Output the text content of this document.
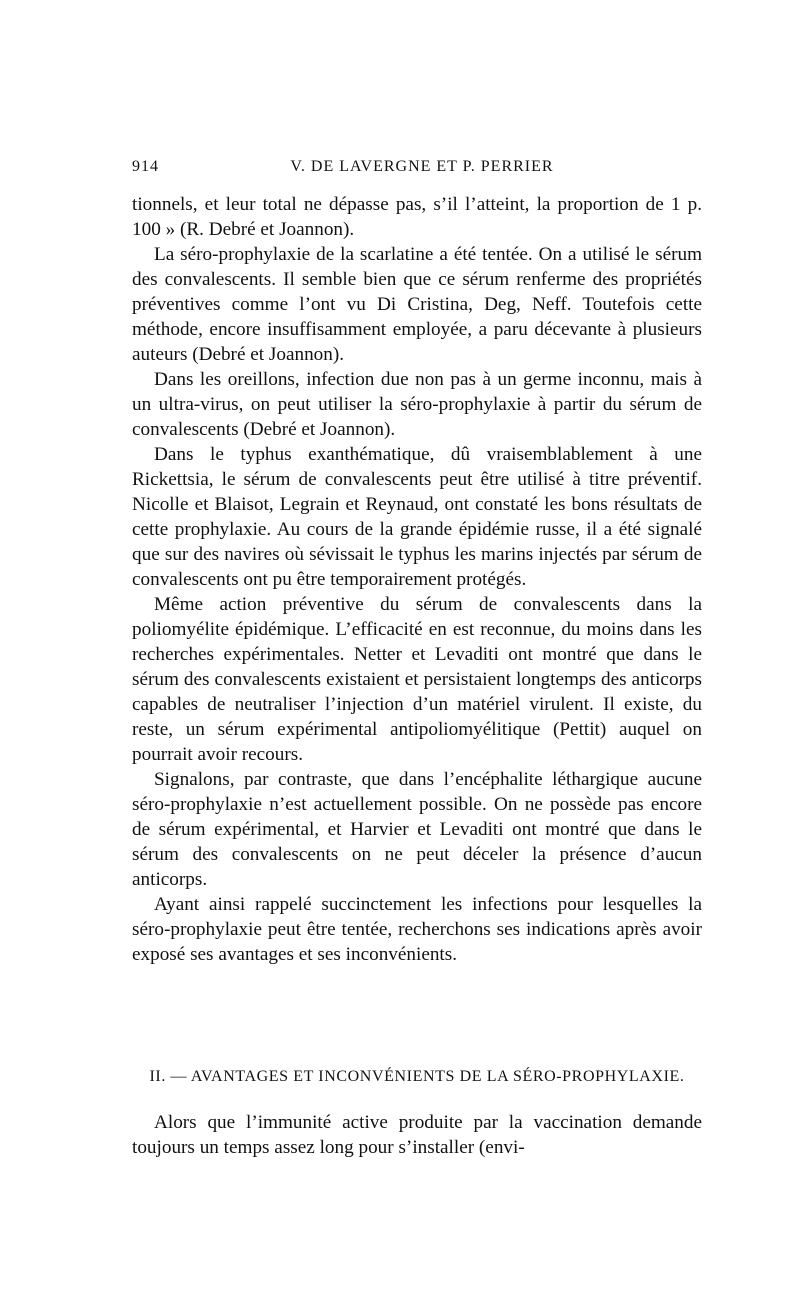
914	V. DE LAVERGNE ET P. PERRIER

tionnels, et leur total ne dépasse pas, s’il l’atteint, la proportion de 1 p. 100 » (R. Debré et Joannon).

La séro-prophylaxie de la scarlatine a été tentée. On a utilisé le sérum des convalescents. Il semble bien que ce sérum renferme des propriétés préventives comme l’ont vu Di Cristina, Deg, Neff. Toutefois cette méthode, encore insuffisamment employée, a paru décevante à plusieurs auteurs (Debré et Joannon).

Dans les oreillons, infection due non pas à un germe inconnu, mais à un ultra-virus, on peut utiliser la séro-prophylaxie à partir du sérum de convalescents (Debré et Joannon).

Dans le typhus exanthématique, dû vraisemblablement à une Rickettsia, le sérum de convalescents peut être utilisé à titre préventif. Nicolle et Blaisot, Legrain et Reynaud, ont constaté les bons résultats de cette prophylaxie. Au cours de la grande épidémie russe, il a été signalé que sur des navires où sévissait le typhus les marins injectés par sérum de convalescents ont pu être temporairement protégés.

Même action préventive du sérum de convalescents dans la poliomyélite épidémique. L’efficacité en est reconnue, du moins dans les recherches expérimentales. Netter et Levaditi ont montré que dans le sérum des convalescents existaient et persistaient longtemps des anticorps capables de neutraliser l’injection d’un matériel virulent. Il existe, du reste, un sérum expérimental antipoliomyélitique (Pettit) auquel on pourrait avoir recours.

Signalons, par contraste, que dans l’encéphalite léthargique aucune séro-prophylaxie n’est actuellement possible. On ne possède pas encore de sérum expérimental, et Harvier et Levaditi ont montré que dans le sérum des convalescents on ne peut déceler la présence d’aucun anticorps.

Ayant ainsi rappelé succinctement les infections pour lesquelles la séro-prophylaxie peut être tentée, recherchons ses indications après avoir exposé ses avantages et ses inconvénients.

II. — AVANTAGES ET INCONVÉNIENTS DE LA SÉRO-PROPHYLAXIE.

Alors que l’immunité active produite par la vaccination demande toujours un temps assez long pour s’installer (envi-
